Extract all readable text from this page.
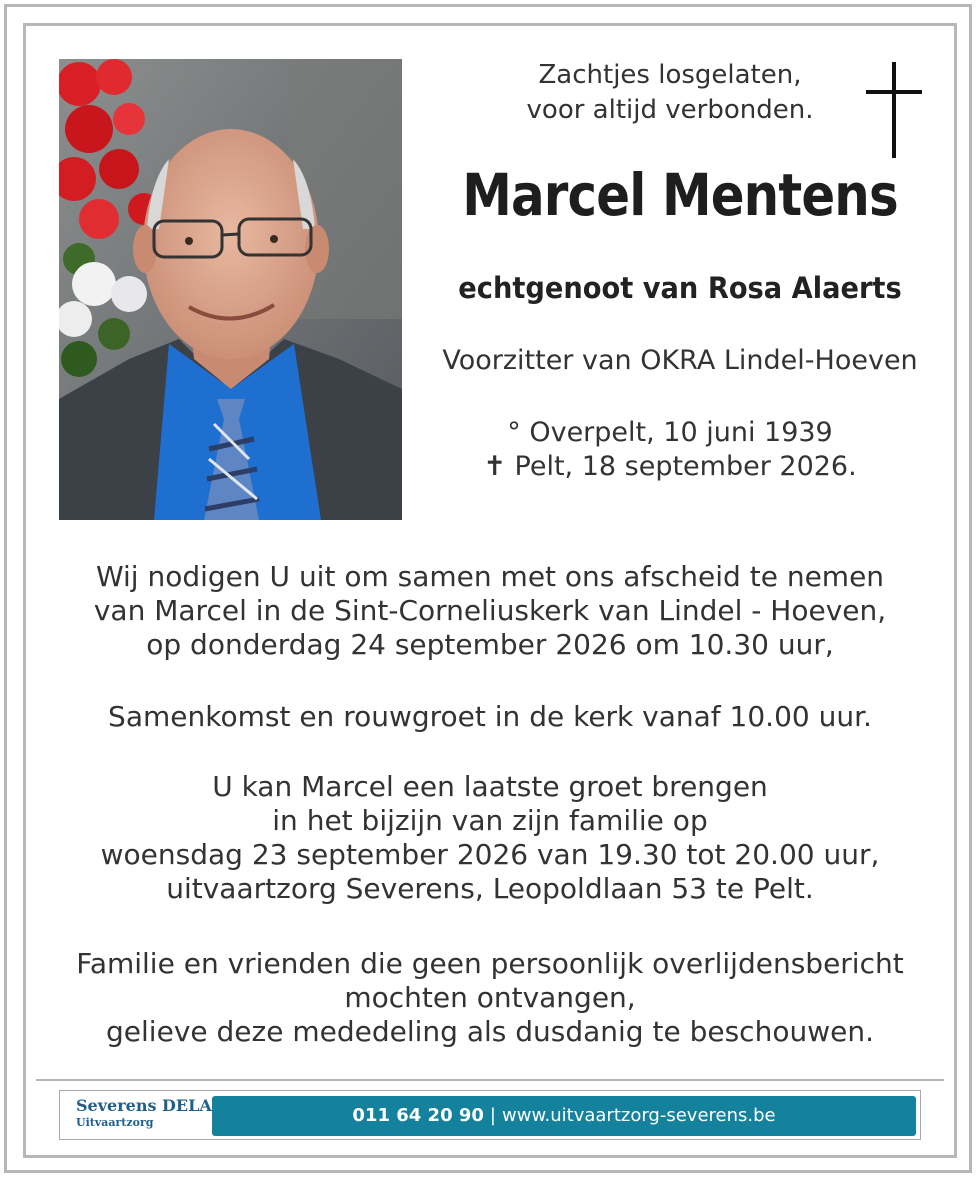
Zachtjes losgelaten,
voor altijd verbonden.
Marcel Mentens
echtgenoot van Rosa Alaerts
Voorzitter van OKRA Lindel-Hoeven
° Overpelt, 10 juni 1939
✝ Pelt, 18 september 2026.
Wij nodigen U uit om samen met ons afscheid te nemen
van Marcel in de Sint-Corneliuskerk van Lindel - Hoeven,
op donderdag 24 september 2026 om 10.30 uur,
Samenkomst en rouwgroet in de kerk vanaf 10.00 uur.
U kan Marcel een laatste groet brengen
in het bijzijn van zijn familie op
woensdag 23 september 2026 van 19.30 tot 20.00 uur,
uitvaartzorg Severens, Leopoldlaan 53 te Pelt.
Familie en vrienden die geen persoonlijk overlijdensbericht
mochten ontvangen,
gelieve deze mededeling als dusdanig te beschouwen.
Severens DELA
Uitvaartzorg	011 64 20 90 | www.uitvaartzorg-severens.be
